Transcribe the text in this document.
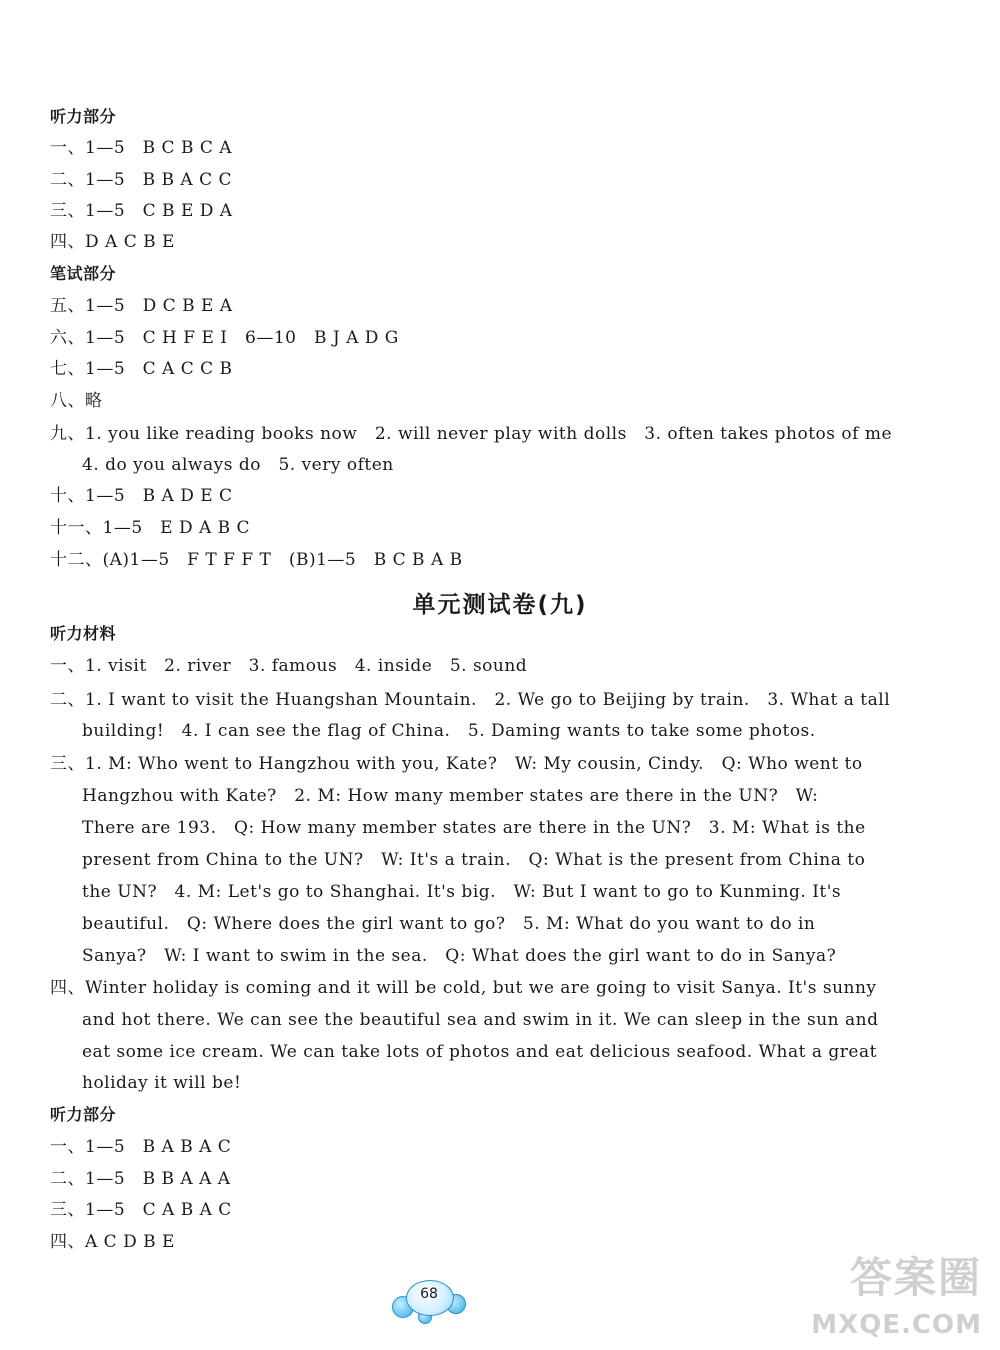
听力部分
一、1—5　B C B C A
二、1—5　B B A C C
三、1—5　C B E D A
四、D A C B E
笔试部分
五、1—5　D C B E A
六、1—5　C H F E I　6—10　B J A D G
七、1—5　C A C C B
八、略
九、1. you like reading books now　2. will never play with dolls　3. often takes photos of me
4. do you always do　5. very often
十、1—5　B A D E C
十一、1—5　E D A B C
十二、(A)1—5　F T F F T　(B)1—5　B C B A B
单元测试卷(九)
听力材料
一、1. visit　2. river　3. famous　4. inside　5. sound
二、1. I want to visit the Huangshan Mountain.　2. We go to Beijing by train.　3. What a tall
building!　4. I can see the flag of China.　5. Daming wants to take some photos.
三、1. M: Who went to Hangzhou with you, Kate?　W: My cousin, Cindy.　Q: Who went to
Hangzhou with Kate?　2. M: How many member states are there in the UN?　W:
There are 193.　Q: How many member states are there in the UN?　3. M: What is the
present from China to the UN?　W: It's a train.　Q: What is the present from China to
the UN?　4. M: Let's go to Shanghai. It's big.　W: But I want to go to Kunming. It's
beautiful.　Q: Where does the girl want to go?　5. M: What do you want to do in
Sanya?　W: I want to swim in the sea.　Q: What does the girl want to do in Sanya?
四、Winter holiday is coming and it will be cold, but we are going to visit Sanya. It's sunny
and hot there. We can see the beautiful sea and swim in it. We can sleep in the sun and
eat some ice cream. We can take lots of photos and eat delicious seafood. What a great
holiday it will be!
听力部分
一、1—5　B A B A C
二、1—5　B B A A A
三、1—5　C A B A C
四、A C D B E
68	答案圈
MXQE.COM
